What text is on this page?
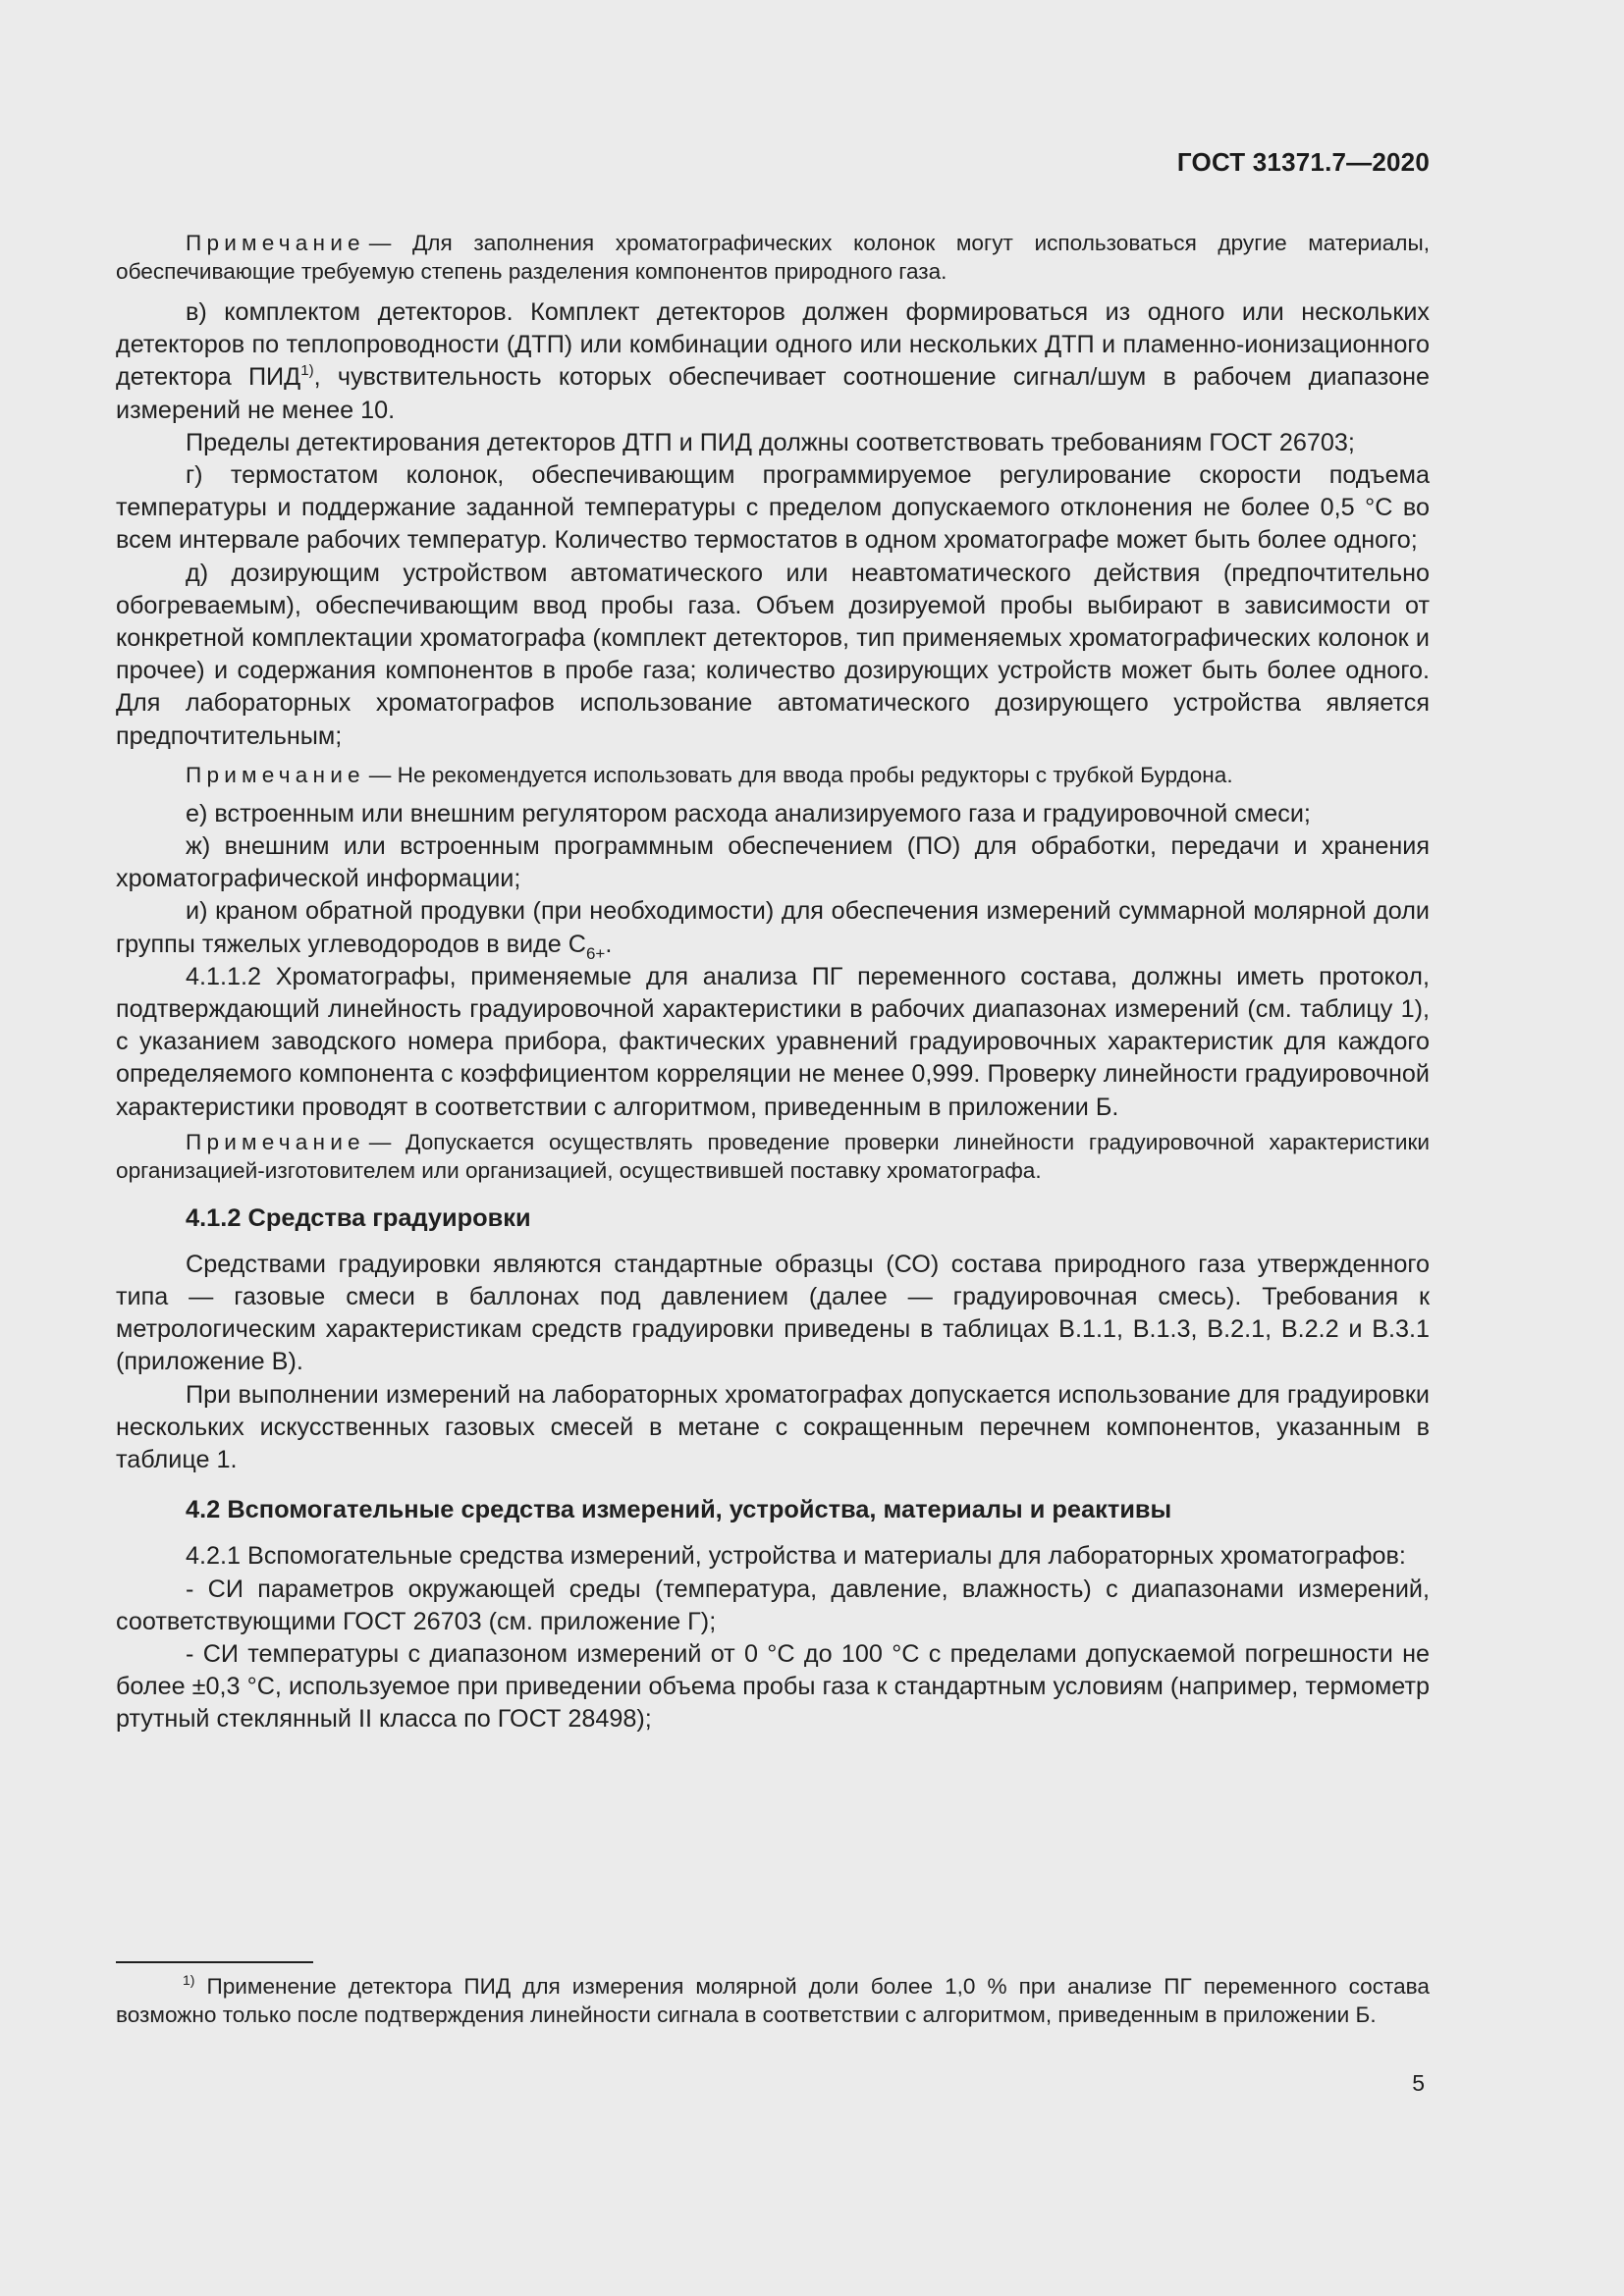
ГОСТ 31371.7—2020

Примечание — Для заполнения хроматографических колонок могут использоваться другие материалы, обеспечивающие требуемую степень разделения компонентов природного газа.

в) комплектом детекторов. Комплект детекторов должен формироваться из одного или нескольких детекторов по теплопроводности (ДТП) или комбинации одного или нескольких ДТП и пламенно-ионизационного детектора ПИД$^{1)}$, чувствительность которых обеспечивает соотношение сигнал/шум в рабочем диапазоне измерений не менее 10.

Пределы детектирования детекторов ДТП и ПИД должны соответствовать требованиям ГОСТ 26703;

г) термостатом колонок, обеспечивающим программируемое регулирование скорости подъема температуры и поддержание заданной температуры с пределом допускаемого отклонения не более 0,5 °С во всем интервале рабочих температур. Количество термостатов в одном хроматографе может быть более одного;

д) дозирующим устройством автоматического или неавтоматического действия (предпочтительно обогреваемым), обеспечивающим ввод пробы газа. Объем дозируемой пробы выбирают в зависимости от конкретной комплектации хроматографа (комплект детекторов, тип применяемых хроматографических колонок и прочее) и содержания компонентов в пробе газа; количество дозирующих устройств может быть более одного. Для лабораторных хроматографов использование автоматического дозирующего устройства является предпочтительным;

Примечание — Не рекомендуется использовать для ввода пробы редукторы с трубкой Бурдона.

е) встроенным или внешним регулятором расхода анализируемого газа и градуировочной смеси;

ж) внешним или встроенным программным обеспечением (ПО) для обработки, передачи и хранения хроматографической информации;

и) краном обратной продувки (при необходимости) для обеспечения измерений суммарной молярной доли группы тяжелых углеводородов в виде $С_{6+}$.

4.1.1.2 Хроматографы, применяемые для анализа ПГ переменного состава, должны иметь протокол, подтверждающий линейность градуировочной характеристики в рабочих диапазонах измерений (см. таблицу 1), с указанием заводского номера прибора, фактических уравнений градуировочных характеристик для каждого определяемого компонента с коэффициентом корреляции не менее 0,999. Проверку линейности градуировочной характеристики проводят в соответствии с алгоритмом, приведенным в приложении Б.

Примечание — Допускается осуществлять проведение проверки линейности градуировочной характеристики организацией-изготовителем или организацией, осуществившей поставку хроматографа.

4.1.2 Средства градуировки

Средствами градуировки являются стандартные образцы (СО) состава природного газа утвержденного типа — газовые смеси в баллонах под давлением (далее — градуировочная смесь). Требования к метрологическим характеристикам средств градуировки приведены в таблицах В.1.1, В.1.3, В.2.1, В.2.2 и В.3.1 (приложение В).

При выполнении измерений на лабораторных хроматографах допускается использование для градуировки нескольких искусственных газовых смесей в метане с сокращенным перечнем компонентов, указанным в таблице 1.

4.2 Вспомогательные средства измерений, устройства, материалы и реактивы

4.2.1 Вспомогательные средства измерений, устройства и материалы для лабораторных хроматографов:

- СИ параметров окружающей среды (температура, давление, влажность) с диапазонами измерений, соответствующими ГОСТ 26703 (см. приложение Г);

- СИ температуры с диапазоном измерений от 0 °С до 100 °С с пределами допускаемой погрешности не более ±0,3 °С, используемое при приведении объема пробы газа к стандартным условиям (например, термометр ртутный стеклянный II класса по ГОСТ 28498);

$^{1)}$ Применение детектора ПИД для измерения молярной доли более 1,0 % при анализе ПГ переменного состава возможно только после подтверждения линейности сигнала в соответствии с алгоритмом, приведенным в приложении Б.

5
